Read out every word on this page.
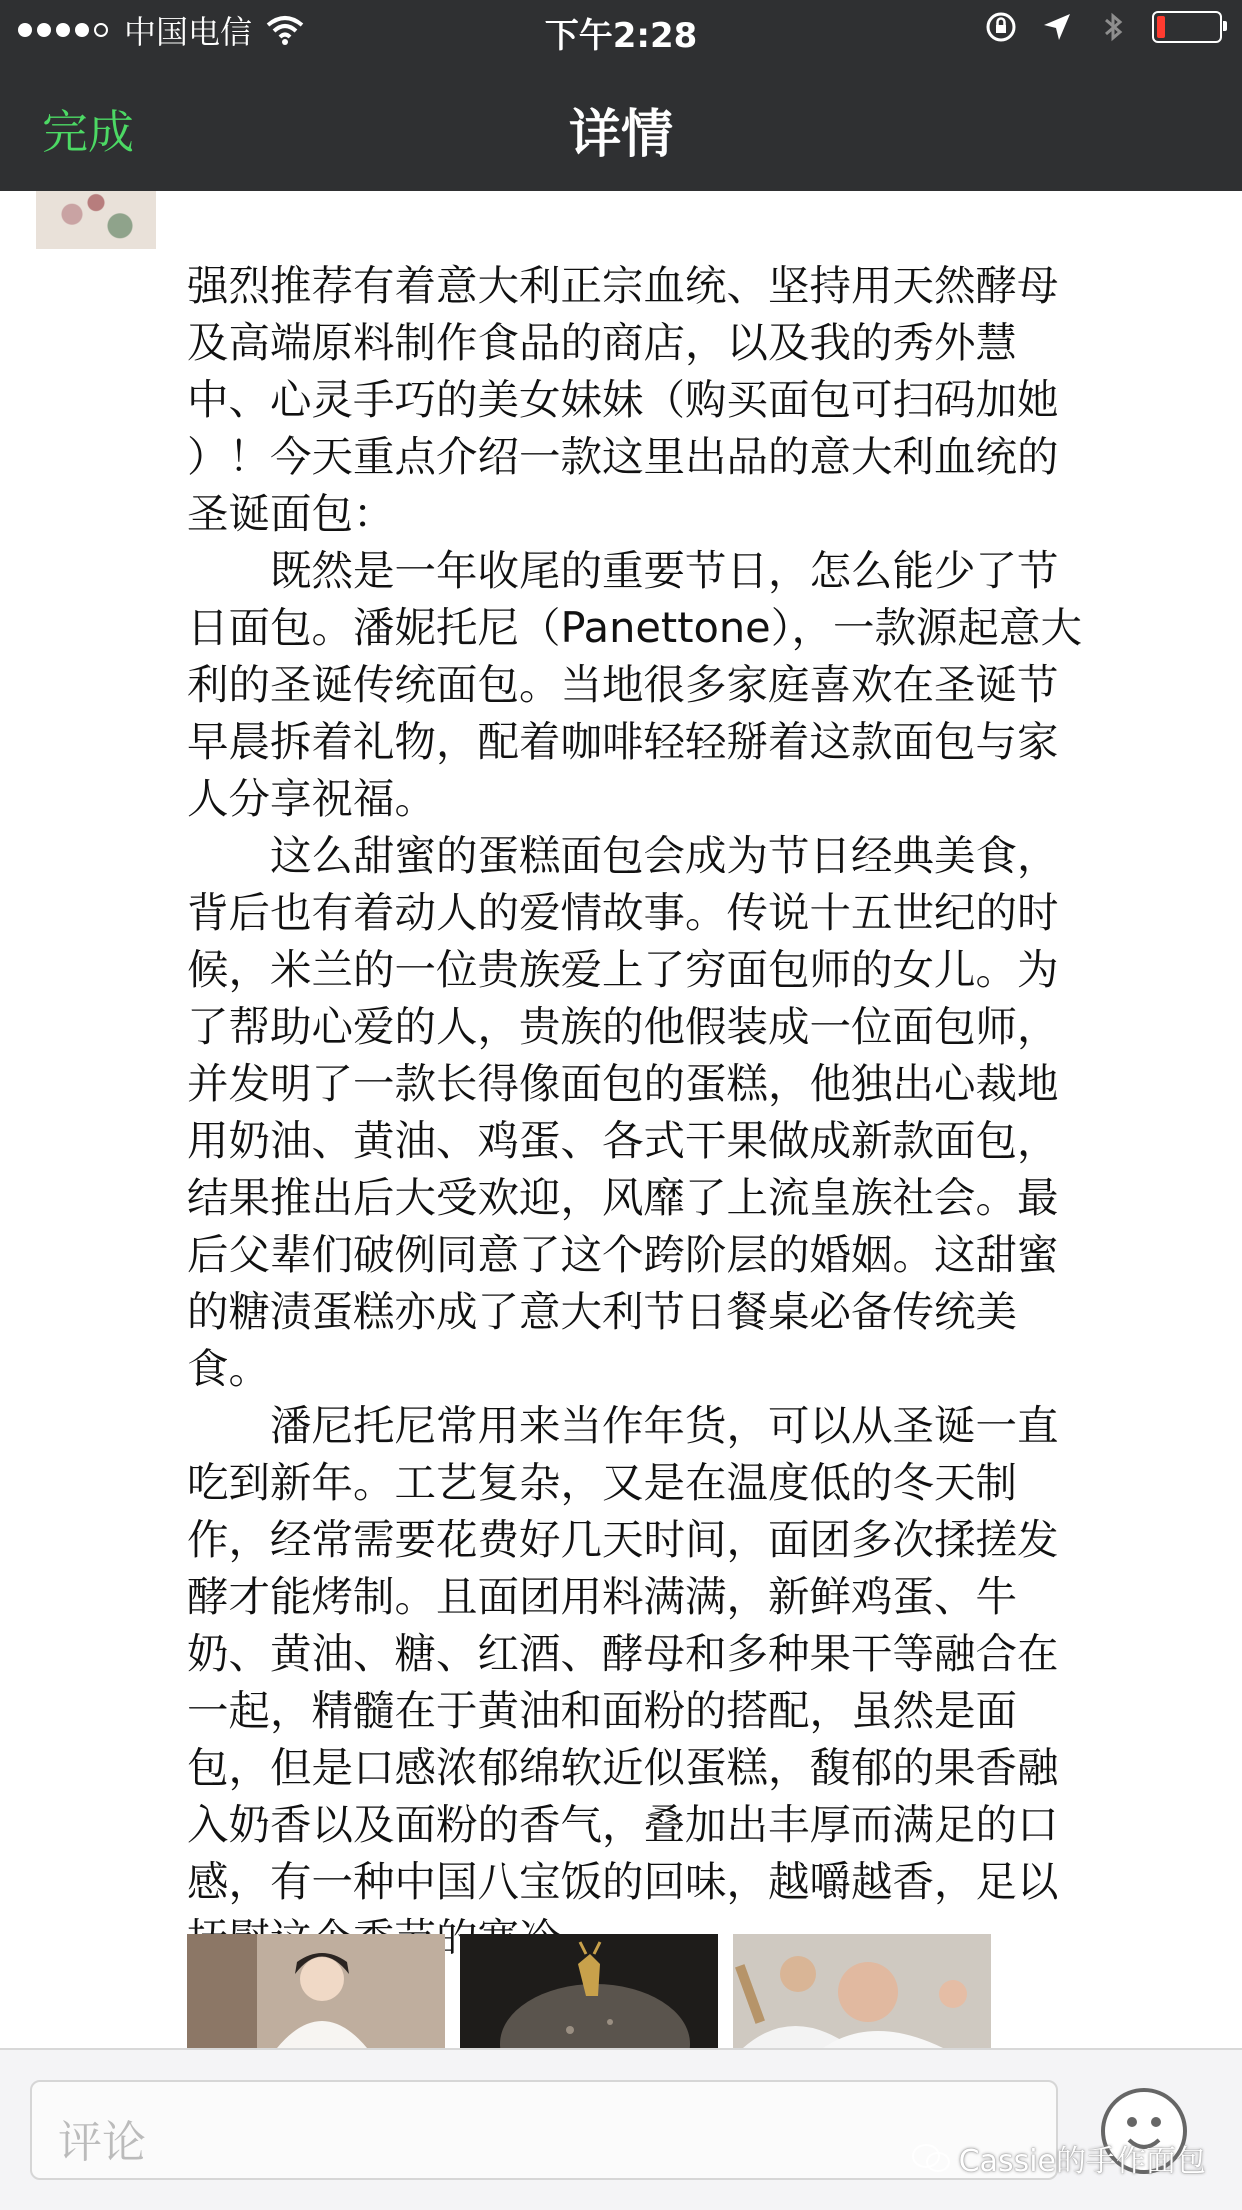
中国电信	下午2:28
完成	详情

强烈推荐有着意大利正宗血统、坚持用天然酵母
及高端原料制作食品的商店，以及我的秀外慧
中、心灵手巧的美女妹妹（购买面包可扫码加她
）！今天重点介绍一款这里出品的意大利血统的
圣诞面包：

　　既然是一年收尾的重要节日，怎么能少了节
日面包。潘妮托尼（Panettone），一款源起意大
利的圣诞传统面包。当地很多家庭喜欢在圣诞节
早晨拆着礼物，配着咖啡轻轻掰着这款面包与家
人分享祝福。

　　这么甜蜜的蛋糕面包会成为节日经典美食，
背后也有着动人的爱情故事。传说十五世纪的时
候，米兰的一位贵族爱上了穷面包师的女儿。为
了帮助心爱的人，贵族的他假装成一位面包师，
并发明了一款长得像面包的蛋糕，他独出心裁地
用奶油、黄油、鸡蛋、各式干果做成新款面包，
结果推出后大受欢迎，风靡了上流皇族社会。最
后父辈们破例同意了这个跨阶层的婚姻。这甜蜜
的糖渍蛋糕亦成了意大利节日餐桌必备传统美
食。

　　潘尼托尼常用来当作年货，可以从圣诞一直
吃到新年。工艺复杂，又是在温度低的冬天制
作，经常需要花费好几天时间，面团多次揉搓发
酵才能烤制。且面团用料满满，新鲜鸡蛋、牛
奶、黄油、糖、红酒、酵母和多种果干等融合在
一起，精髓在于黄油和面粉的搭配，虽然是面
包，但是口感浓郁绵软近似蛋糕，馥郁的果香融
入奶香以及面粉的香气，叠加出丰厚而满足的口
感，有一种中国八宝饭的回味，越嚼越香，足以

评论	Cassie的手作面包
